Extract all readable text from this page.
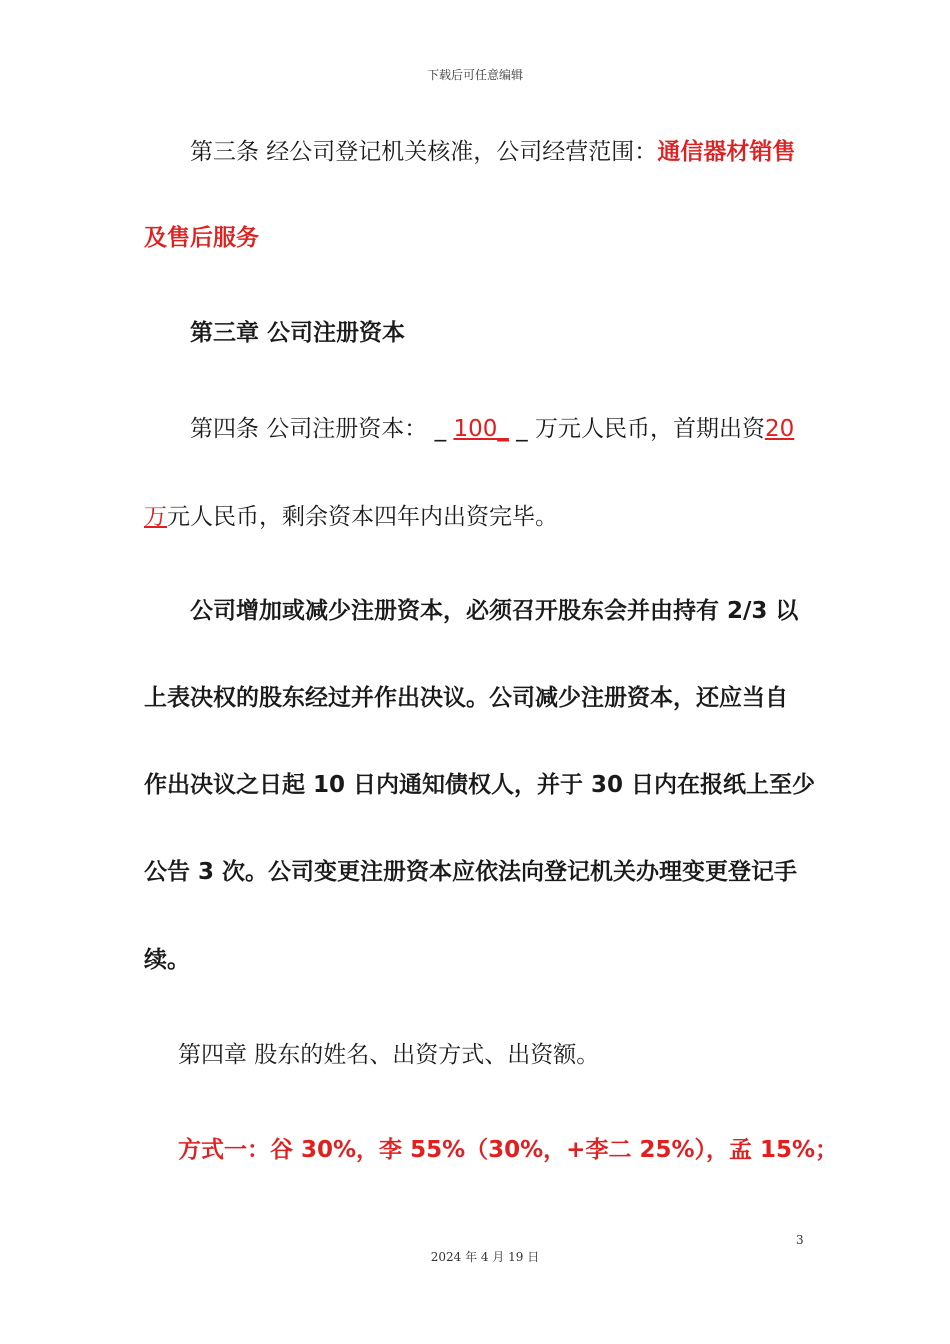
下载后可任意编辑
第三条 经公司登记机关核准，公司经营范围：通信器材销售
及售后服务
第三章 公司注册资本
第四条 公司注册资本： _ 100_ _ 万元人民币，首期出资20
万元人民币，剩余资本四年内出资完毕。
公司增加或减少注册资本，必须召开股东会并由持有 2/3 以
上表决权的股东经过并作出决议。公司减少注册资本，还应当自
作出决议之日起 10 日内通知债权人，并于 30 日内在报纸上至少
公告 3 次。公司变更注册资本应依法向登记机关办理变更登记手
续。
第四章 股东的姓名、出资方式、出资额。
方式一：谷 30%，李 55%（30%，+李二 25%），孟 15%；
3
2024 年 4 月 19 日
